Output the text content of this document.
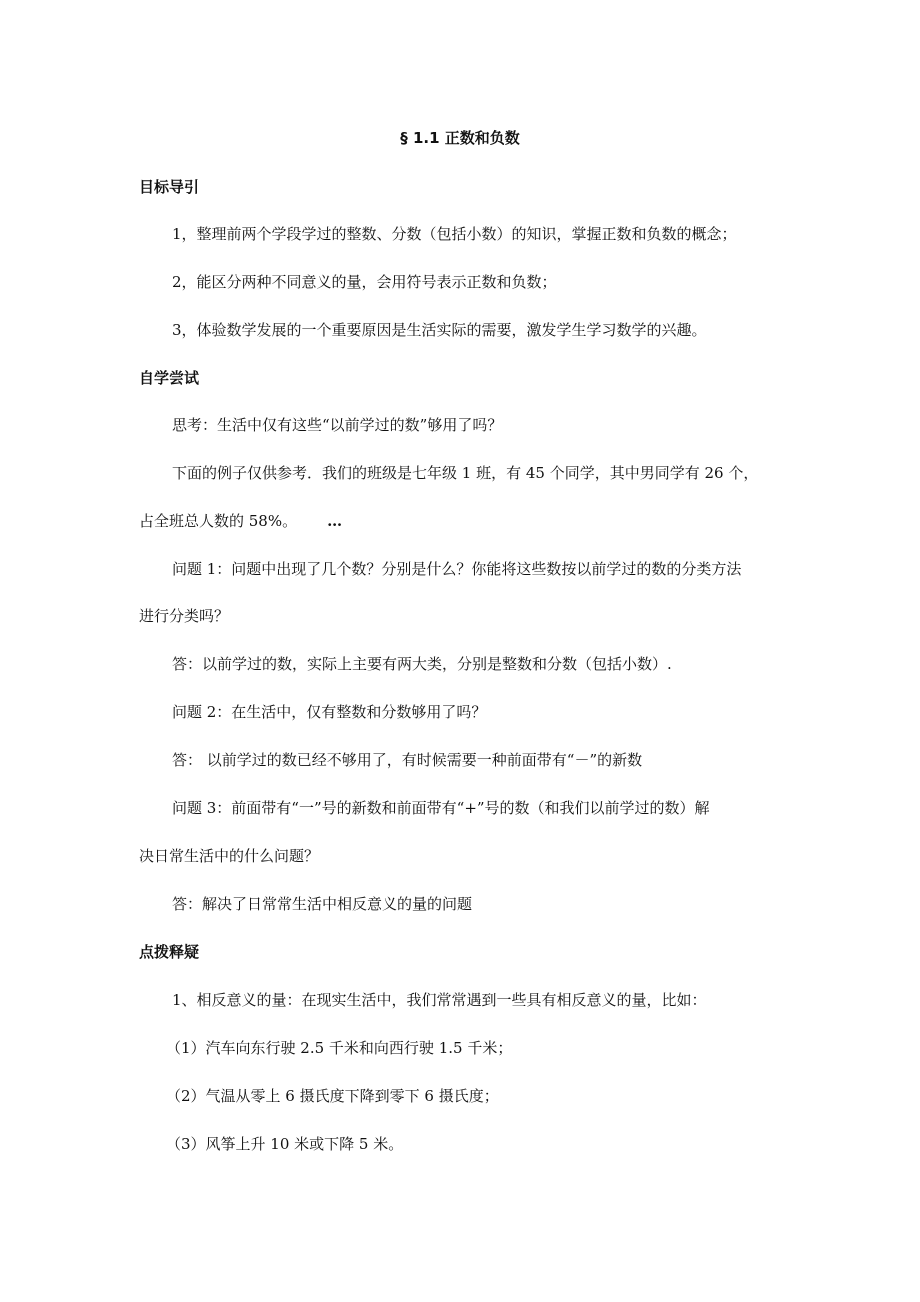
§ 1.1 正数和负数
目标导引
1，整理前两个学段学过的整数、分数（包括小数）的知识，掌握正数和负数的概念；
2，能区分两种不同意义的量，会用符号表示正数和负数；
3，体验数学发展的一个重要原因是生活实际的需要，激发学生学习数学的兴趣。
自学尝试
思考：生活中仅有这些“以前学过的数”够用了吗？
下面的例子仅供参考．我们的班级是七年级 1 班，有 45 个同学，其中男同学有 26 个，
占全班总人数的 58%。 …
问题 1：问题中出现了几个数？分别是什么？你能将这些数按以前学过的数的分类方法
进行分类吗？
答：以前学过的数，实际上主要有两大类，分别是整数和分数（包括小数）.
问题 2：在生活中，仅有整数和分数够用了吗？
答： 以前学过的数已经不够用了，有时候需要一种前面带有“－”的新数
问题 3：前面带有“一”号的新数和前面带有“+”号的数（和我们以前学过的数）解
决日常生活中的什么问题？
答：解决了日常常生活中相反意义的量的问题
点拨释疑
1、相反意义的量：在现实生活中，我们常常遇到一些具有相反意义的量，比如：
（1）汽车向东行驶 2.5 千米和向西行驶 1.5 千米；
（2）气温从零上 6 摄氏度下降到零下 6 摄氏度；
（3）风筝上升 10 米或下降 5 米。
